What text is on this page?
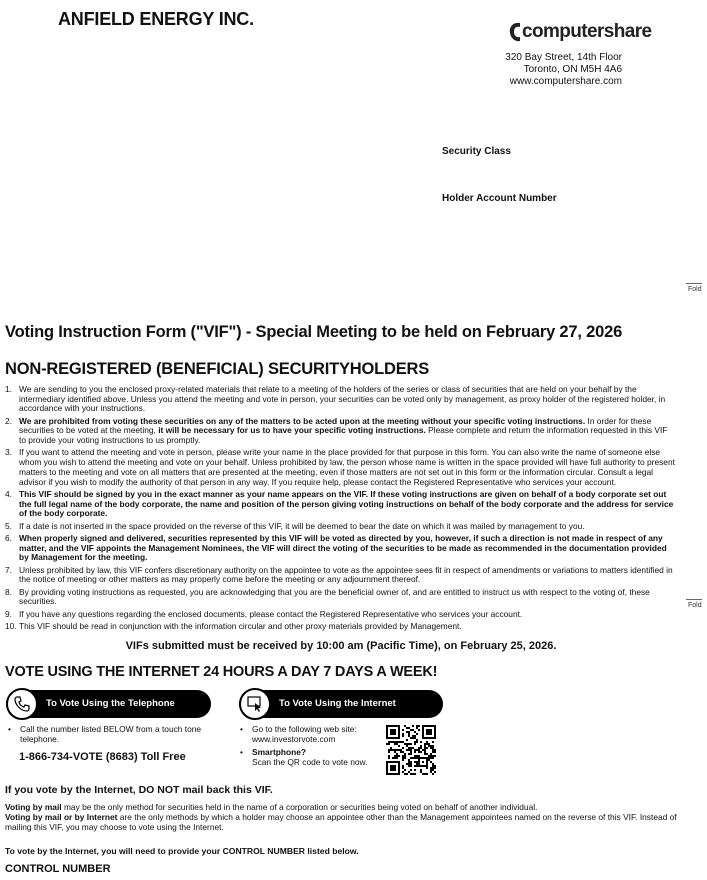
ANFIELD ENERGY INC.
computershare
320 Bay Street, 14th Floor
Toronto, ON M5H 4A6
www.computershare.com
Security Class
Holder Account Number
Fold
Fold
Voting Instruction Form ("VIF") - Special Meeting to be held on February 27, 2026
NON-REGISTERED (BENEFICIAL) SECURITYHOLDERS
1. We are sending to you the enclosed proxy-related materials that relate to a meeting of the holders of the series or class of securities that are held on your behalf by the intermediary identified above. Unless you attend the meeting and vote in person, your securities can be voted only by management, as proxy holder of the registered holder, in accordance with your instructions.
2. We are prohibited from voting these securities on any of the matters to be acted upon at the meeting without your specific voting instructions. In order for these securities to be voted at the meeting, it will be necessary for us to have your specific voting instructions. Please complete and return the information requested in this VIF to provide your voting instructions to us promptly.
3. If you want to attend the meeting and vote in person, please write your name in the place provided for that purpose in this form. You can also write the name of someone else whom you wish to attend the meeting and vote on your behalf. Unless prohibited by law, the person whose name is written in the space provided will have full authority to present matters to the meeting and vote on all matters that are presented at the meeting, even if those matters are not set out in this form or the information circular. Consult a legal advisor if you wish to modify the authority of that person in any way. If you require help, please contact the Registered Representative who services your account.
4. This VIF should be signed by you in the exact manner as your name appears on the VIF. If these voting instructions are given on behalf of a body corporate set out the full legal name of the body corporate, the name and position of the person giving voting instructions on behalf of the body corporate and the address for service of the body corporate.
5. If a date is not inserted in the space provided on the reverse of this VIF, it will be deemed to bear the date on which it was mailed by management to you.
6. When properly signed and delivered, securities represented by this VIF will be voted as directed by you, however, if such a direction is not made in respect of any matter, and the VIF appoints the Management Nominees, the VIF will direct the voting of the securities to be made as recommended in the documentation provided by Management for the meeting.
7. Unless prohibited by law, this VIF confers discretionary authority on the appointee to vote as the appointee sees fit in respect of amendments or variations to matters identified in the notice of meeting or other matters as may properly come before the meeting or any adjournment thereof.
8. By providing voting instructions as requested, you are acknowledging that you are the beneficial owner of, and are entitled to instruct us with respect to the voting of, these securities.
9. If you have any questions regarding the enclosed documents, please contact the Registered Representative who services your account.
10. This VIF should be read in conjunction with the information circular and other proxy materials provided by Management.
VIFs submitted must be received by 10:00 am (Pacific Time), on February 25, 2026.
VOTE USING THE INTERNET 24 HOURS A DAY 7 DAYS A WEEK!
To Vote Using the Telephone	To Vote Using the Internet
•	Call the number listed BELOW from a touch tone telephone.
1-866-734-VOTE (8683) Toll Free
•	Go to the following web site:
www.investorvote.com
•	Smartphone?
Scan the QR code to vote now.
If you vote by the Internet, DO NOT mail back this VIF.
Voting by mail may be the only method for securities held in the name of a corporation or securities being voted on behalf of another individual.
Voting by mail or by Internet are the only methods by which a holder may choose an appointee other than the Management appointees named on the reverse of this VIF. Instead of mailing this VIF, you may choose to vote using the Internet.
To vote by the Internet, you will need to provide your CONTROL NUMBER listed below.
CONTROL NUMBER
